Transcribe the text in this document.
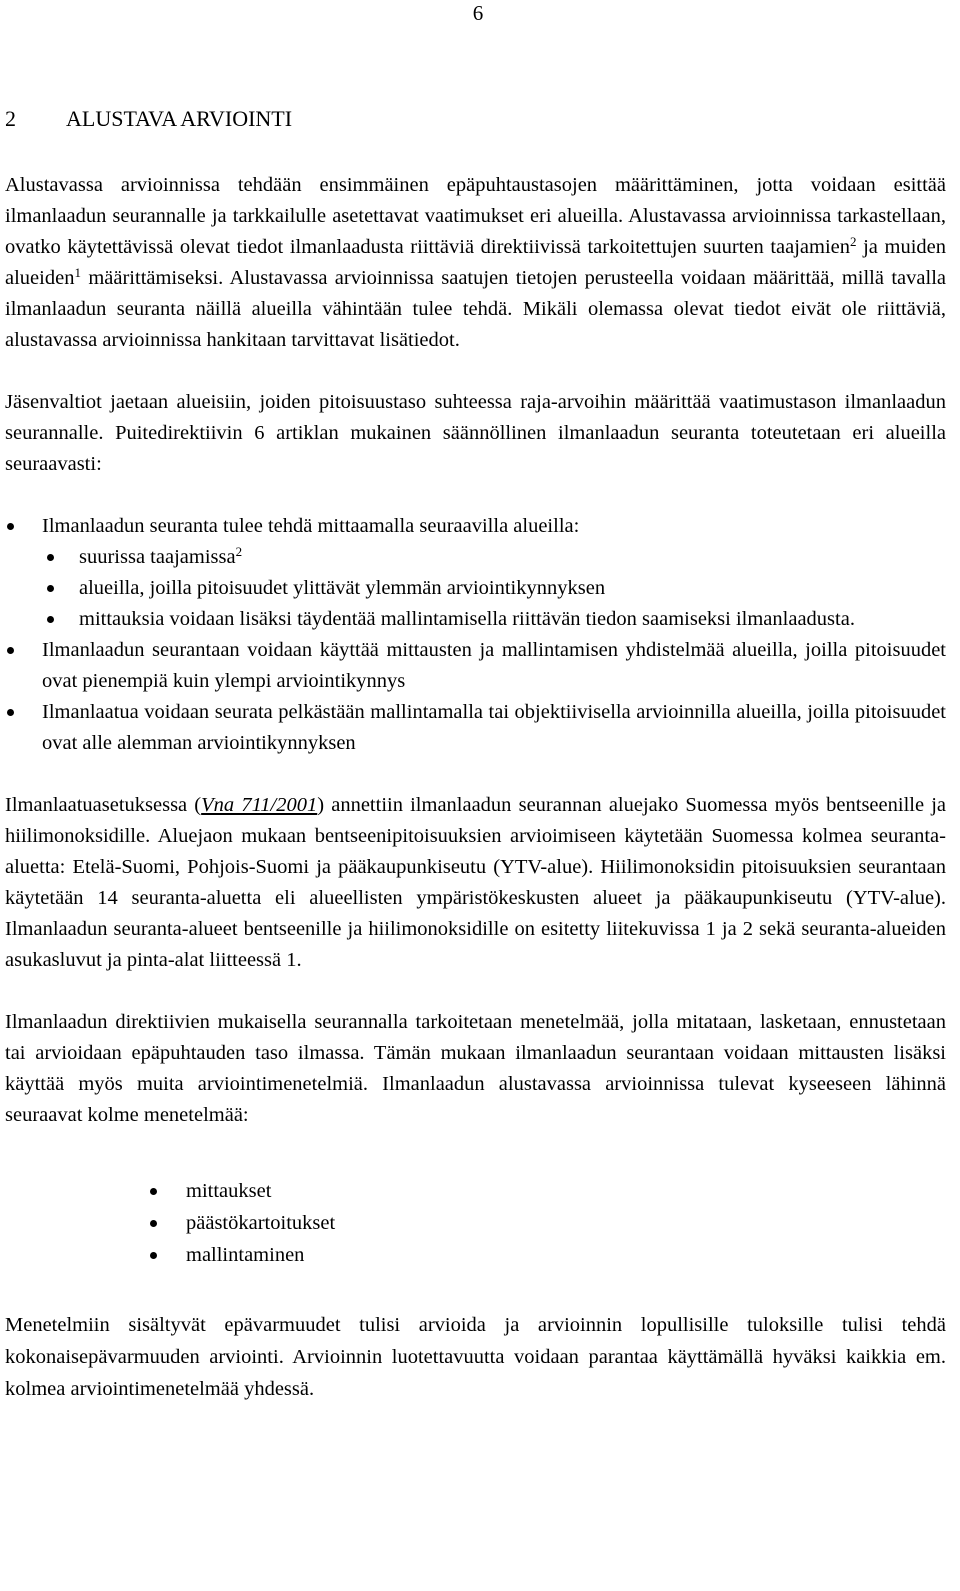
6
2	ALUSTAVA ARVIOINTI

Alustavassa arvioinnissa tehdään ensimmäinen epäpuhtaustasojen määrittäminen, jotta voidaan esittää ilmanlaadun seurannalle ja tarkkailulle asetettavat vaatimukset eri alueilla. Alustavassa arvioinnissa tarkastellaan, ovatko käytettävissä olevat tiedot ilmanlaadusta riittäviä direktiivissä tarkoitettujen suurten taajamien$^2$ ja muiden alueiden$^1$ määrittämiseksi. Alustavassa arvioinnissa saatujen tietojen perusteella voidaan määrittää, millä tavalla ilmanlaadun seuranta näillä alueilla vähintään tulee tehdä. Mikäli olemassa olevat tiedot eivät ole riittäviä, alustavassa arvioinnissa hankitaan tarvittavat lisätiedot.

Jäsenvaltiot jaetaan alueisiin, joiden pitoisuustaso suhteessa raja-arvoihin määrittää vaatimustason ilmanlaadun seurannalle. Puitedirektiivin 6 artiklan mukainen säännöllinen ilmanlaadun seuranta toteutetaan eri alueilla seuraavasti:

Ilmanlaadun seuranta tulee tehdä mittaamalla seuraavilla alueilla:
suurissa taajamissa$^2$
alueilla, joilla pitoisuudet ylittävät ylemmän arviointikynnyksen
mittauksia voidaan lisäksi täydentää mallintamisella riittävän tiedon saamiseksi ilmanlaadusta.
Ilmanlaadun seurantaan voidaan käyttää mittausten ja mallintamisen yhdistelmää alueilla, joilla pitoisuudet ovat pienempiä kuin ylempi arviointikynnys
Ilmanlaatua voidaan seurata pelkästään mallintamalla tai objektiivisella arvioinnilla alueilla, joilla pitoisuudet ovat alle alemman arviointikynnyksen

Ilmanlaatuasetuksessa (Vna 711/2001) annettiin ilmanlaadun seurannan aluejako Suomessa myös bentseenille ja hiilimonoksidille. Aluejaon mukaan bentseenipitoisuuksien arvioimiseen käytetään Suomessa kolmea seuranta-aluetta: Etelä-Suomi, Pohjois-Suomi ja pääkaupunkiseutu (YTV-alue). Hiilimonoksidin pitoisuuksien seurantaan käytetään 14 seuranta-aluetta eli alueellisten ympäristökeskusten alueet ja pääkaupunkiseutu (YTV-alue). Ilmanlaadun seuranta-alueet bentseenille ja hiilimonoksidille on esitetty liitekuvissa 1 ja 2 sekä seuranta-alueiden asukasluvut ja pinta-alat liitteessä 1.

Ilmanlaadun direktiivien mukaisella seurannalla tarkoitetaan menetelmää, jolla mitataan, lasketaan, ennustetaan tai arvioidaan epäpuhtauden taso ilmassa. Tämän mukaan ilmanlaadun seurantaan voidaan mittausten lisäksi käyttää myös muita arviointimenetelmiä. Ilmanlaadun alustavassa arvioinnissa tulevat kyseeseen lähinnä seuraavat kolme menetelmää:

mittaukset
päästökartoitukset
mallintaminen

Menetelmiin sisältyvät epävarmuudet tulisi arvioida ja arvioinnin lopullisille tuloksille tulisi tehdä kokonaisepävarmuuden arviointi. Arvioinnin luotettavuutta voidaan parantaa käyttämällä hyväksi kaikkia em. kolmea arviointimenetelmää yhdessä.
